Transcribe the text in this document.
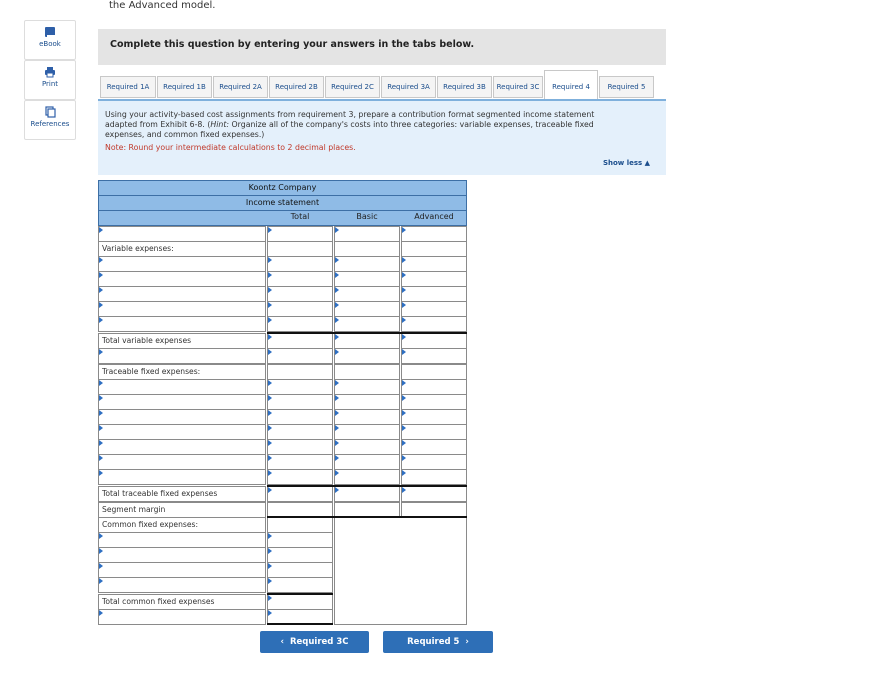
the Advanced model.
eBook
Print
References
Complete this question by entering your answers in the tabs below.
Required 1A	Required 1B	Required 2A	Required 2B	Required 2C	Required 3A	Required 3B	Required 3C	Required 4	Required 5
Using your activity-based cost assignments from requirement 3, prepare a contribution format segmented income statement
adapted from Exhibit 6-8. (Hint: Organize all of the company's costs into three categories: variable expenses, traceable fixed
expenses, and common fixed expenses.)
Note: Round your intermediate calculations to 2 decimal places.
Show less ▲
Koontz Company
Income statement
Total	Basic	Advanced
Variable expenses:
Total variable expenses
Traceable fixed expenses:
Total traceable fixed expenses
Segment margin
Common fixed expenses:
Total common fixed expenses
‹ Required 3C	Required 5 ›
